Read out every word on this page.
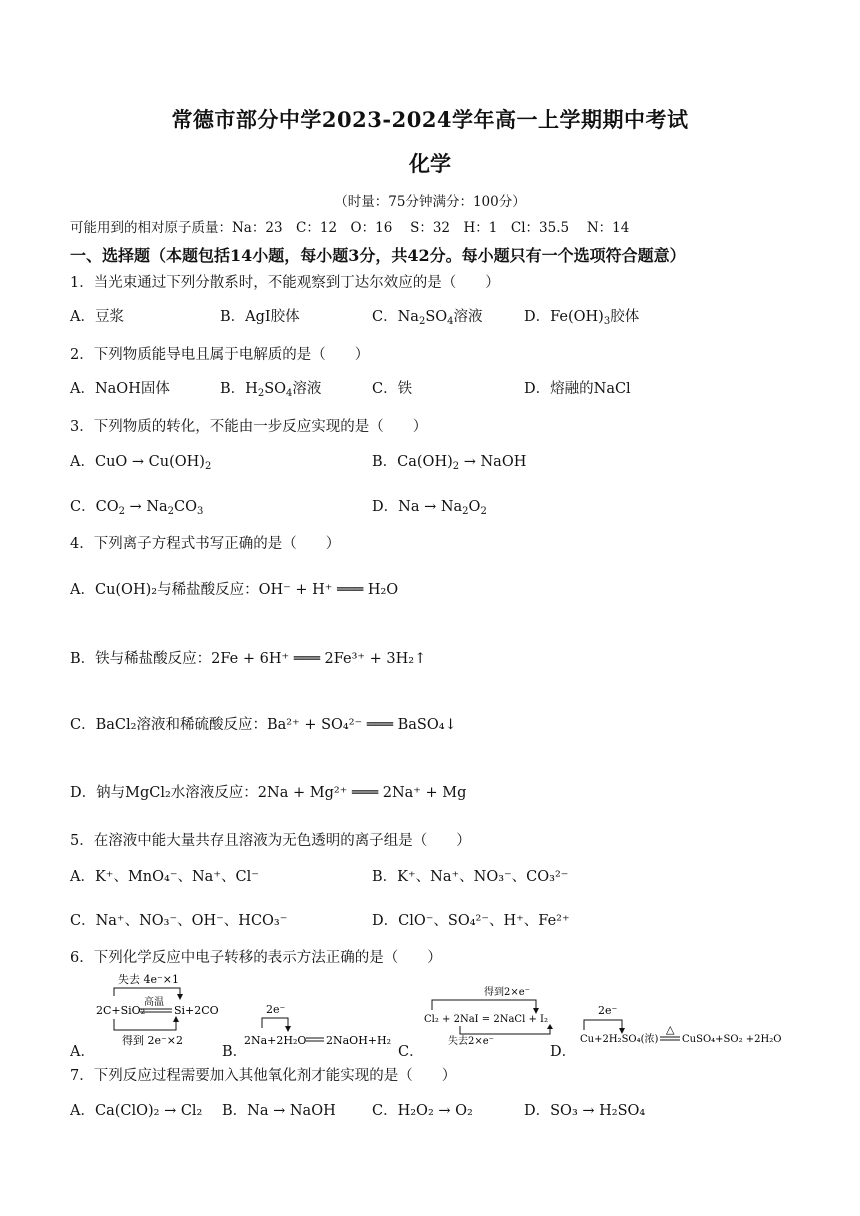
常德市部分中学2023-2024学年高一上学期期中考试
化学
（时量：75分钟满分：100分）
可能用到的相对原子质量：Na：23　C：12　O：16　 S：32　H：1　Cl：35.5　 N：14
一、选择题（本题包括14小题，每小题3分，共42分。每小题只有一个选项符合题意）
1．当光束通过下列分散系时，不能观察到丁达尔效应的是（　　）
A．豆浆	B．AgI胶体	C．$Na_2SO_4$溶液	D．$Fe(OH)_3$胶体
2．下列物质能导电且属于电解质的是（　　）
A．NaOH固体	B．$H_2SO_4$溶液	C．铁	D．熔融的NaCl
3．下列物质的转化，不能由一步反应实现的是（　　）
A．CuO → $Cu(OH)_2$	B．$Ca(OH)_2$ → NaOH
C．$CO_2 \to Na_2CO_3$	D．$Na \to Na_2O_2$
4．下列离子方程式书写正确的是（　　）
A．Cu(OH)₂与稀盐酸反应：OH⁻ + H⁺ ═══ H₂O
B．铁与稀盐酸反应：2Fe + 6H⁺ ═══ 2Fe³⁺ + 3H₂↑
C．BaCl₂溶液和稀硫酸反应：Ba²⁺ + SO₄²⁻ ═══ BaSO₄↓
D．钠与MgCl₂水溶液反应：2Na + Mg²⁺ ═══ 2Na⁺ + Mg
5．在溶液中能大量共存且溶液为无色透明的离子组是（　　）
A．K⁺、MnO₄⁻、Na⁺、Cl⁻	B．K⁺、Na⁺、NO₃⁻、CO₃²⁻
C．Na⁺、NO₃⁻、OH⁻、HCO₃⁻	D．ClO⁻、SO₄²⁻、H⁺、Fe²⁺
6．下列化学反应中电子转移的表示方法正确的是（　　）
A．
失去 4e⁻×1
2C+SiO₂
高温
Si+2CO
得到 2e⁻×2
B．
2e⁻
2Na+2H₂O 2NaOH+H₂
C．
得到2×e⁻
Cl₂ + 2NaI = 2NaCl + I₂
失去2×e⁻
D．
2e⁻
Cu+2H₂SO₄(浓)
△
CuSO₄+SO₂ +2H₂O
7．下列反应过程需要加入其他氧化剂才能实现的是（　　）
A．Ca(ClO)₂ → Cl₂ B．Na → NaOH	C．H₂O₂ → O₂	D．SO₃ → H₂SO₄
